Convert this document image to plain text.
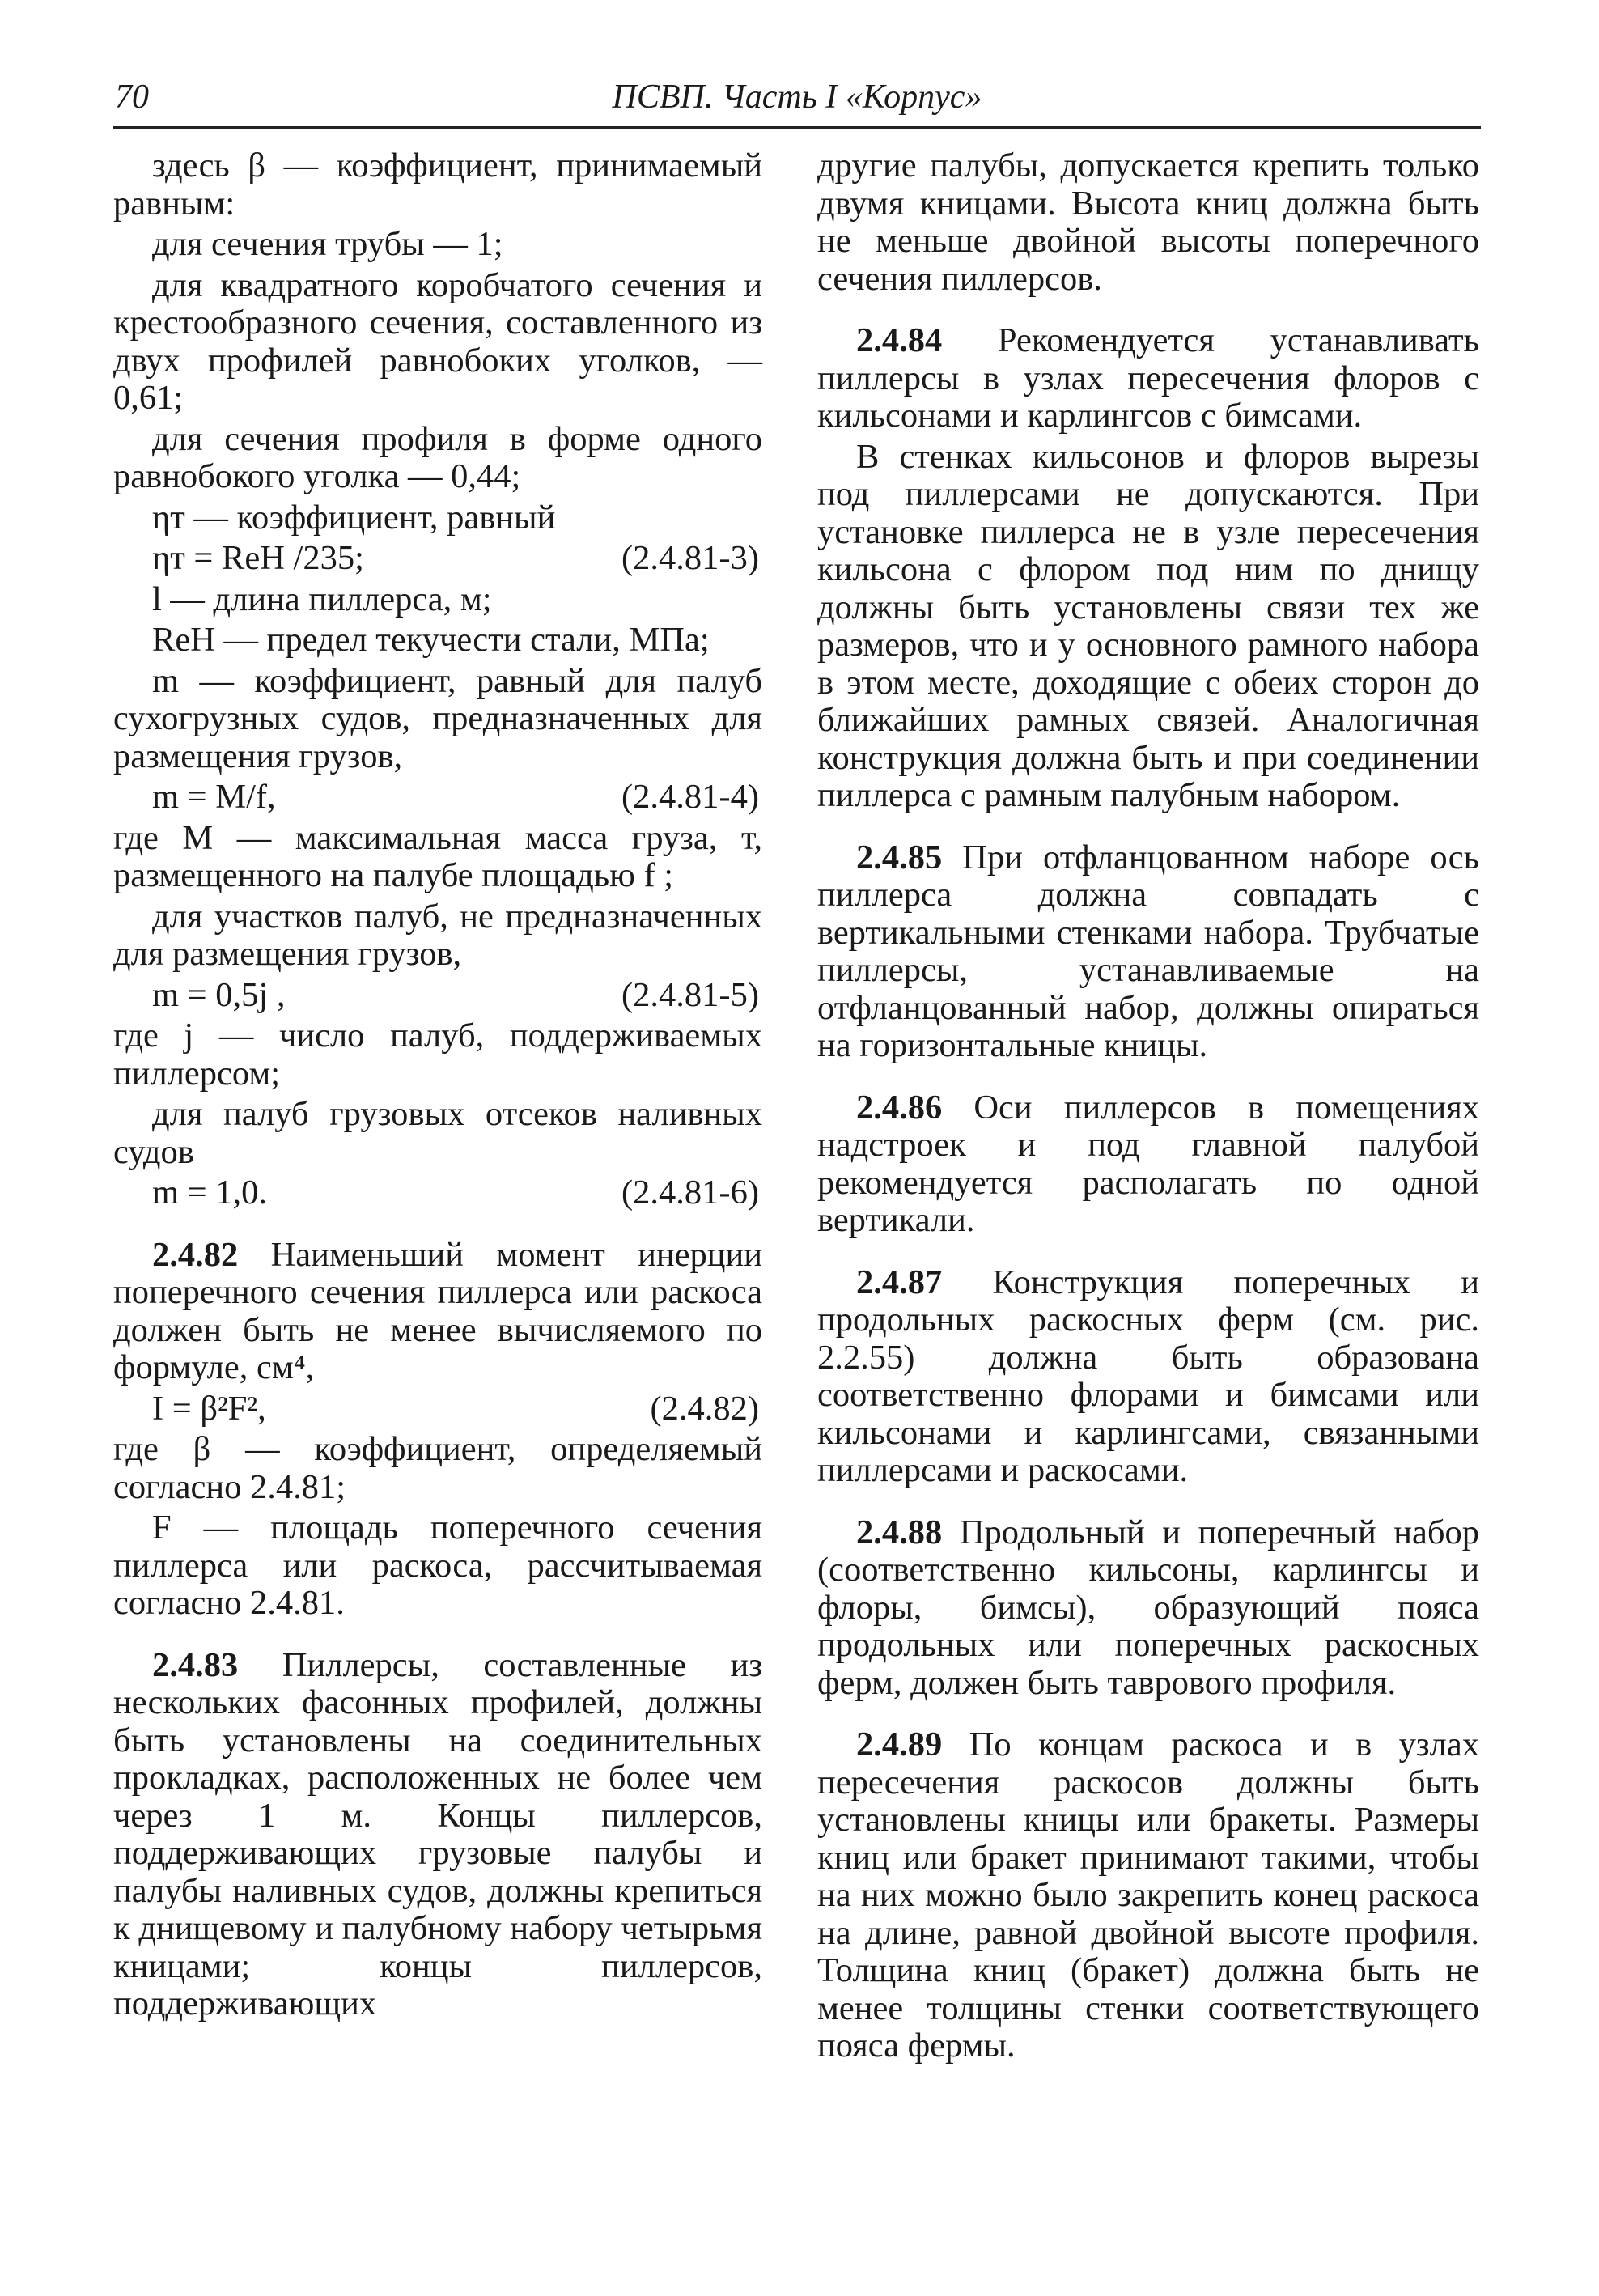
70	ПСВП. Часть I «Корпус»

здесь β — коэффициент, принимаемый равным:

для сечения трубы — 1;

для квадратного коробчатого сечения и крестообразного сечения, составленного из двух профилей равнобоких уголков, — 0,61;

для сечения профиля в форме одного равнобокого уголка — 0,44;

ηт — коэффициент, равный

ηт = ReH /235;	(2.4.81-3)

l — длина пиллерса, м;

ReH — предел текучести стали, МПа;

m — коэффициент, равный для палуб сухогрузных судов, предназначенных для размещения грузов,

m = M/f,	(2.4.81-4)

где M — максимальная масса груза, т, размещенного на палубе площадью f ;

для участков палуб, не предназначенных для размещения грузов,

m = 0,5j ,	(2.4.81-5)

где j — число палуб, поддерживаемых пиллерсом;

для палуб грузовых отсеков наливных судов

m = 1,0.	(2.4.81-6)

2.4.82 Наименьший момент инерции поперечного сечения пиллерса или раскоса должен быть не менее вычисляемого по формуле, см⁴,

I = β²F²,	(2.4.82)

где β — коэффициент, определяемый согласно 2.4.81;

F — площадь поперечного сечения пиллерса или раскоса, рассчитываемая согласно 2.4.81.

2.4.83 Пиллерсы, составленные из нескольких фасонных профилей, должны быть установлены на соединительных прокладках, расположенных не более чем через 1 м. Концы пиллерсов, поддерживающих грузовые палубы и палубы наливных судов, должны крепиться к днищевому и палубному набору четырьмя кницами; концы пиллерсов, поддерживающих

другие палубы, допускается крепить только двумя кницами. Высота книц должна быть не меньше двойной высоты поперечного сечения пиллерсов.

2.4.84 Рекомендуется устанавливать пиллерсы в узлах пересечения флоров с кильсонами и карлингсов с бимсами.

В стенках кильсонов и флоров вырезы под пиллерсами не допускаются. При установке пиллерса не в узле пересечения кильсона с флором под ним по днищу должны быть установлены связи тех же размеров, что и у основного рамного набора в этом месте, доходящие с обеих сторон до ближайших рамных связей. Аналогичная конструкция должна быть и при соединении пиллерса с рамным палубным набором.

2.4.85 При отфланцованном наборе ось пиллерса должна совпадать с вертикальными стенками набора. Трубчатые пиллерсы, устанавливаемые на отфланцованный набор, должны опираться на горизонтальные кницы.

2.4.86 Оси пиллерсов в помещениях надстроек и под главной палубой рекомендуется располагать по одной вертикали.

2.4.87 Конструкция поперечных и продольных раскосных ферм (см. рис. 2.2.55) должна быть образована соответственно флорами и бимсами или кильсонами и карлингсами, связанными пиллерсами и раскосами.

2.4.88 Продольный и поперечный набор (соответственно кильсоны, карлингсы и флоры, бимсы), образующий пояса продольных или поперечных раскосных ферм, должен быть таврового профиля.

2.4.89 По концам раскоса и в узлах пересечения раскосов должны быть установлены кницы или бракеты. Размеры книц или бракет принимают такими, чтобы на них можно было закрепить конец раскоса на длине, равной двойной высоте профиля. Толщина книц (бракет) должна быть не менее толщины стенки соответствующего пояса фермы.
